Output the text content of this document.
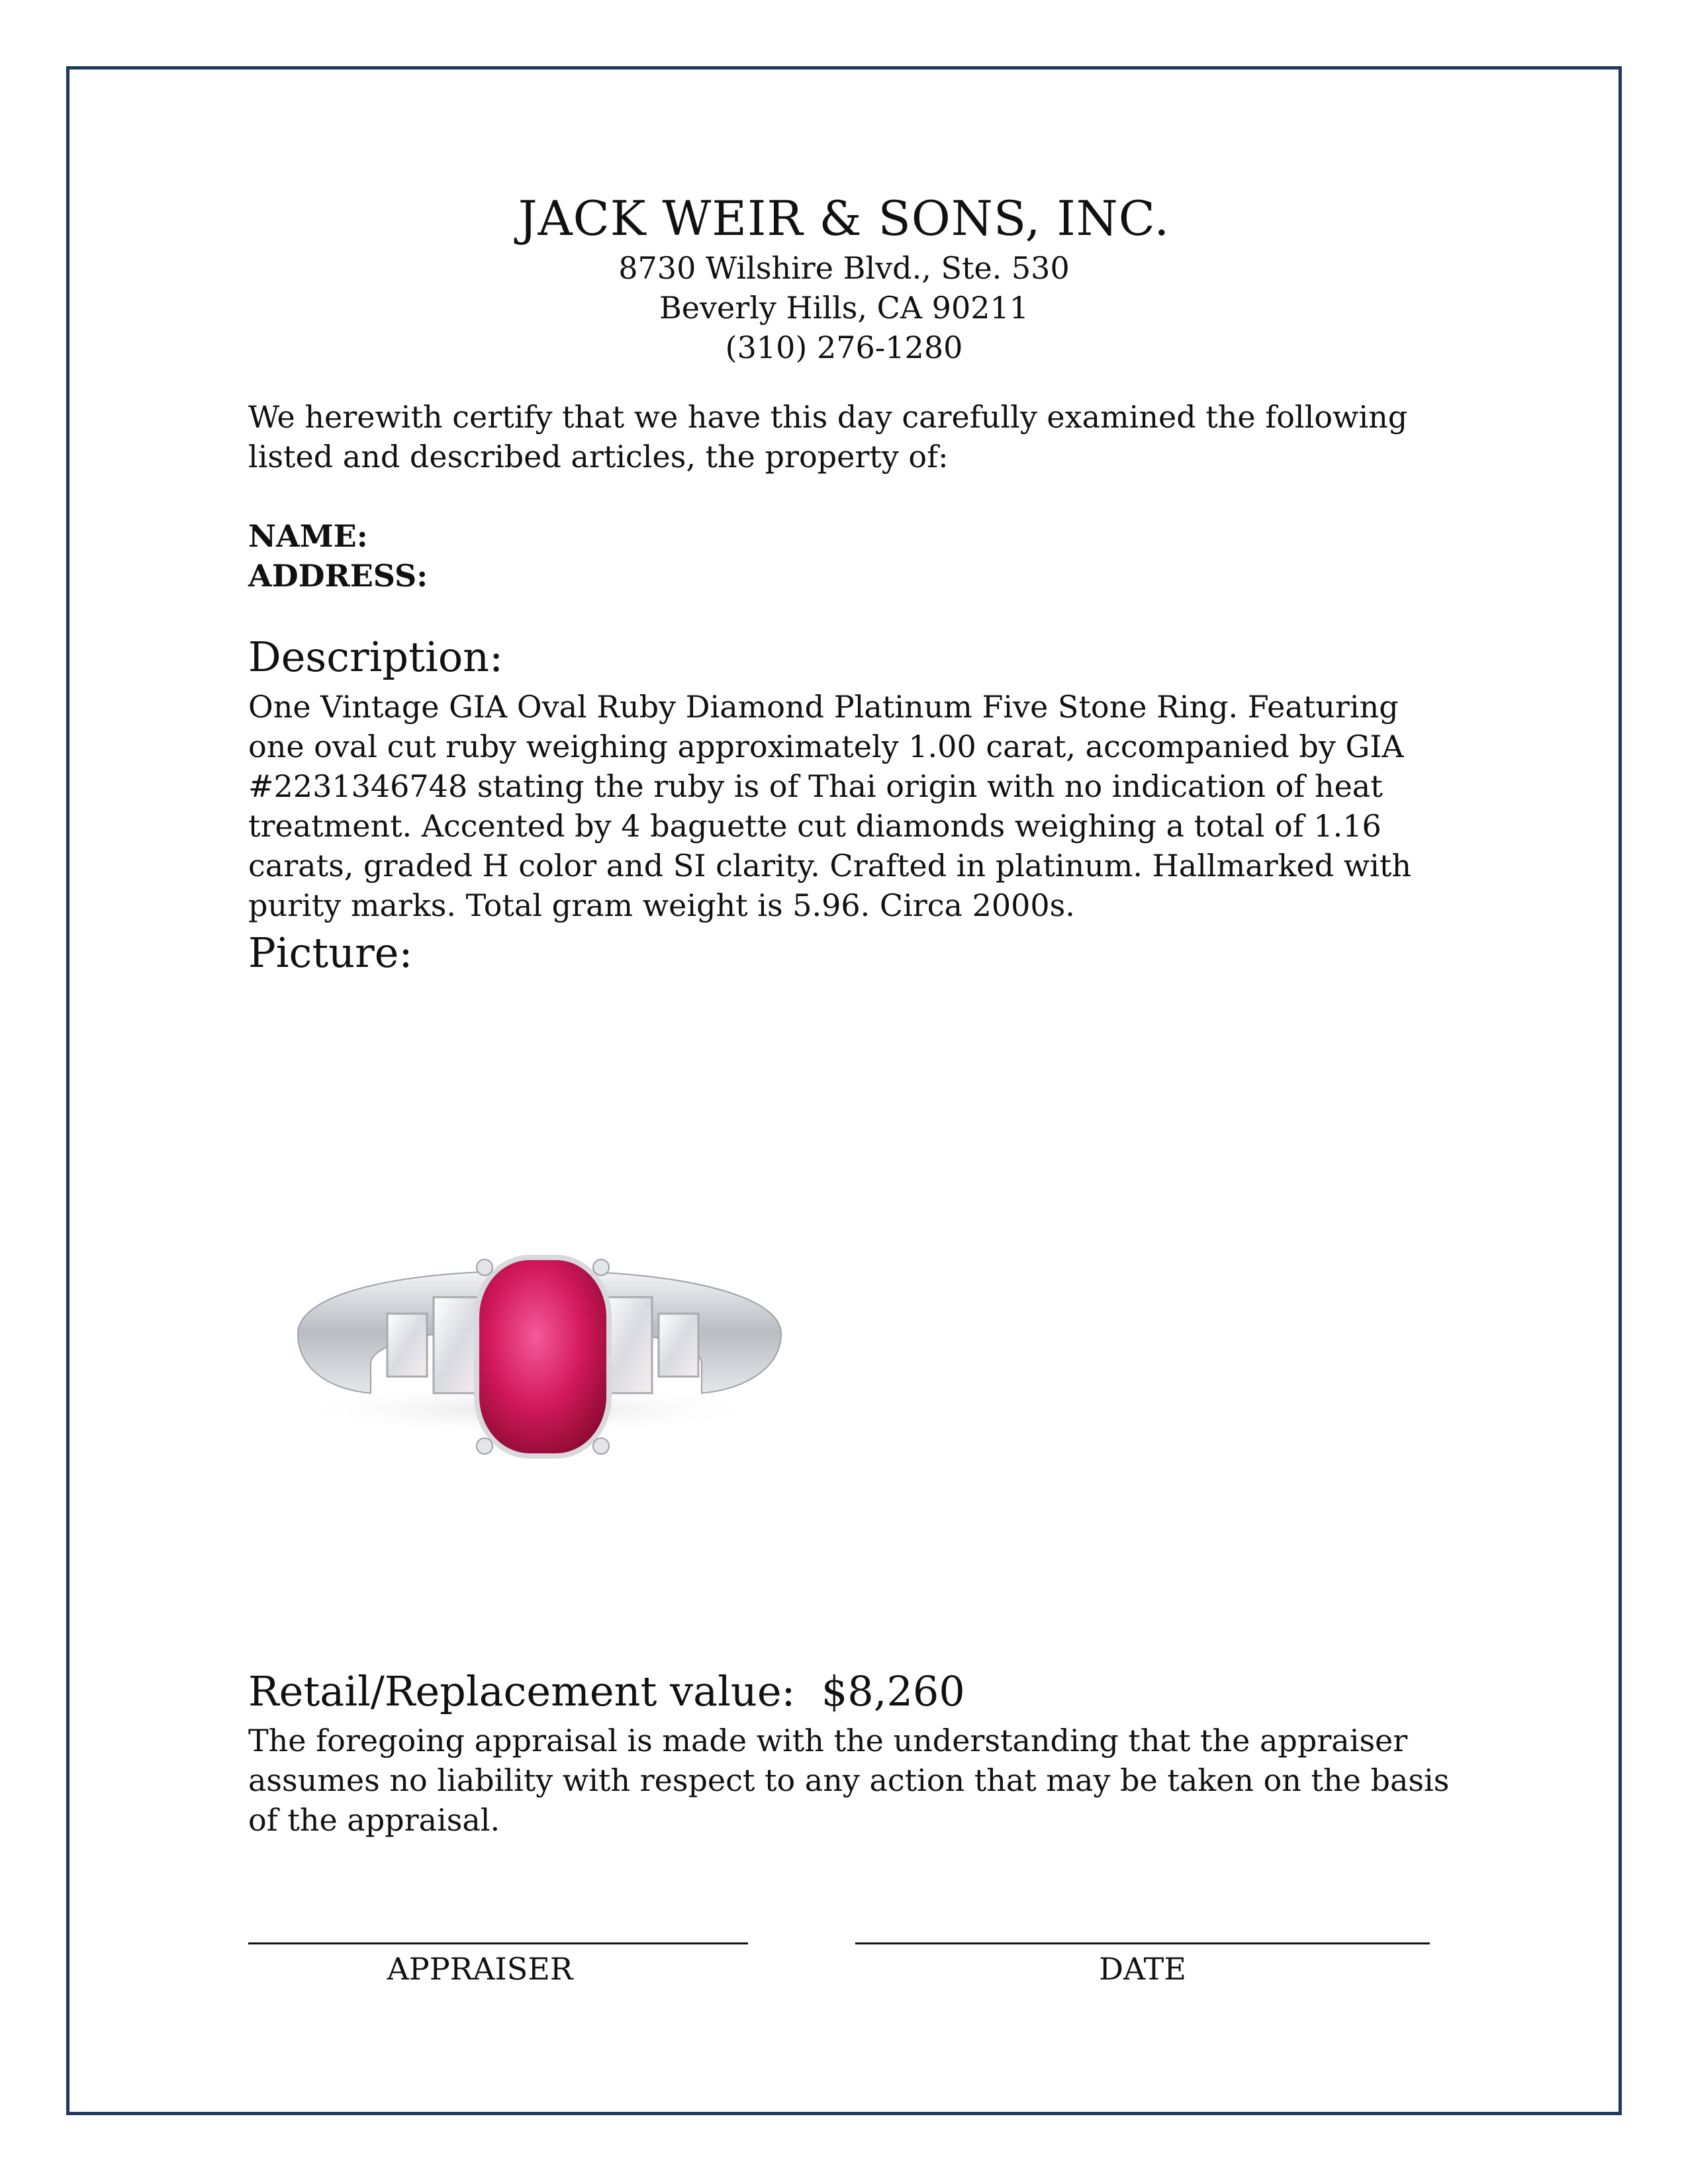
JACK WEIR & SONS, INC.
8730 Wilshire Blvd., Ste. 530
Beverly Hills, CA 90211
(310) 276-1280
We herewith certify that we have this day carefully examined the following listed and described articles, the property of:
NAME:
ADDRESS:
Description:
One Vintage GIA Oval Ruby Diamond Platinum Five Stone Ring. Featuring one oval cut ruby weighing approximately 1.00 carat, accompanied by GIA #2231346748 stating the ruby is of Thai origin with no indication of heat treatment. Accented by 4 baguette cut diamonds weighing a total of 1.16 carats, graded H color and SI clarity. Crafted in platinum. Hallmarked with purity marks. Total gram weight is 5.96. Circa 2000s.
Picture:
Retail/Replacement value: $8,260
The foregoing appraisal is made with the understanding that the appraiser assumes no liability with respect to any action that may be taken on the basis of the appraisal.
APPRAISER	DATE
